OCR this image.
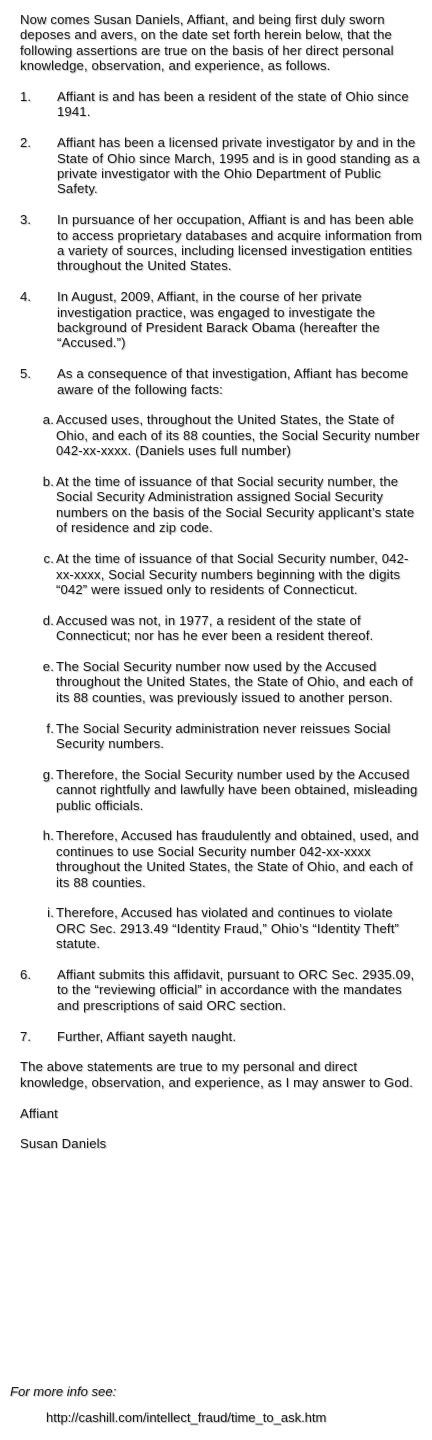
Now comes Susan Daniels, Affiant, and being first duly sworn deposes and avers, on the date set forth herein below, that the following assertions are true on the basis of her direct personal knowledge, observation, and experience, as follows.

1.	Affiant is and has been a resident of the state of Ohio since 1941.
2.	Affiant has been a licensed private investigator by and in the State of Ohio since March, 1995 and is in good standing as a private investigator with the Ohio Department of Public Safety.
3.	In pursuance of her occupation, Affiant is and has been able to access proprietary databases and acquire information from a variety of sources, including licensed investigation entities throughout the United States.
4.	In August, 2009, Affiant, in the course of her private investigation practice, was engaged to investigate the background of President Barack Obama (hereafter the “Accused.”)
5.	As a consequence of that investigation, Affiant has become aware of the following facts:
a. Accused uses, throughout the United States, the State of Ohio, and each of its 88 counties, the Social Security number 042-xx-xxxx. (Daniels uses full number)
b. At the time of issuance of that Social security number, the Social Security Administration assigned Social Security numbers on the basis of the Social Security applicant’s state of residence and zip code.
c. At the time of issuance of that Social Security number, 042-xx-xxxx, Social Security numbers beginning with the digits “042” were issued only to residents of Connecticut.
d. Accused was not, in 1977, a resident of the state of Connecticut; nor has he ever been a resident thereof.
e. The Social Security number now used by the Accused throughout the United States, the State of Ohio, and each of its 88 counties, was previously issued to another person.
f. The Social Security administration never reissues Social Security numbers.
g. Therefore, the Social Security number used by the Accused cannot rightfully and lawfully have been obtained, misleading public officials.
h. Therefore, Accused has fraudulently and obtained, used, and continues to use Social Security number 042-xx-xxxx throughout the United States, the State of Ohio, and each of its 88 counties.
i. Therefore, Accused has violated and continues to violate ORC Sec. 2913.49 “Identity Fraud,” Ohio’s “Identity Theft” statute.
6.	Affiant submits this affidavit, pursuant to ORC Sec. 2935.09, to the “reviewing official” in accordance with the mandates and prescriptions of said ORC section.
7.	Further, Affiant sayeth naught.

The above statements are true to my personal and direct knowledge, observation, and experience, as I may answer to God.

Affiant

Susan Daniels

For more info see:
http://cashill.com/intellect_fraud/time_to_ask.htm
